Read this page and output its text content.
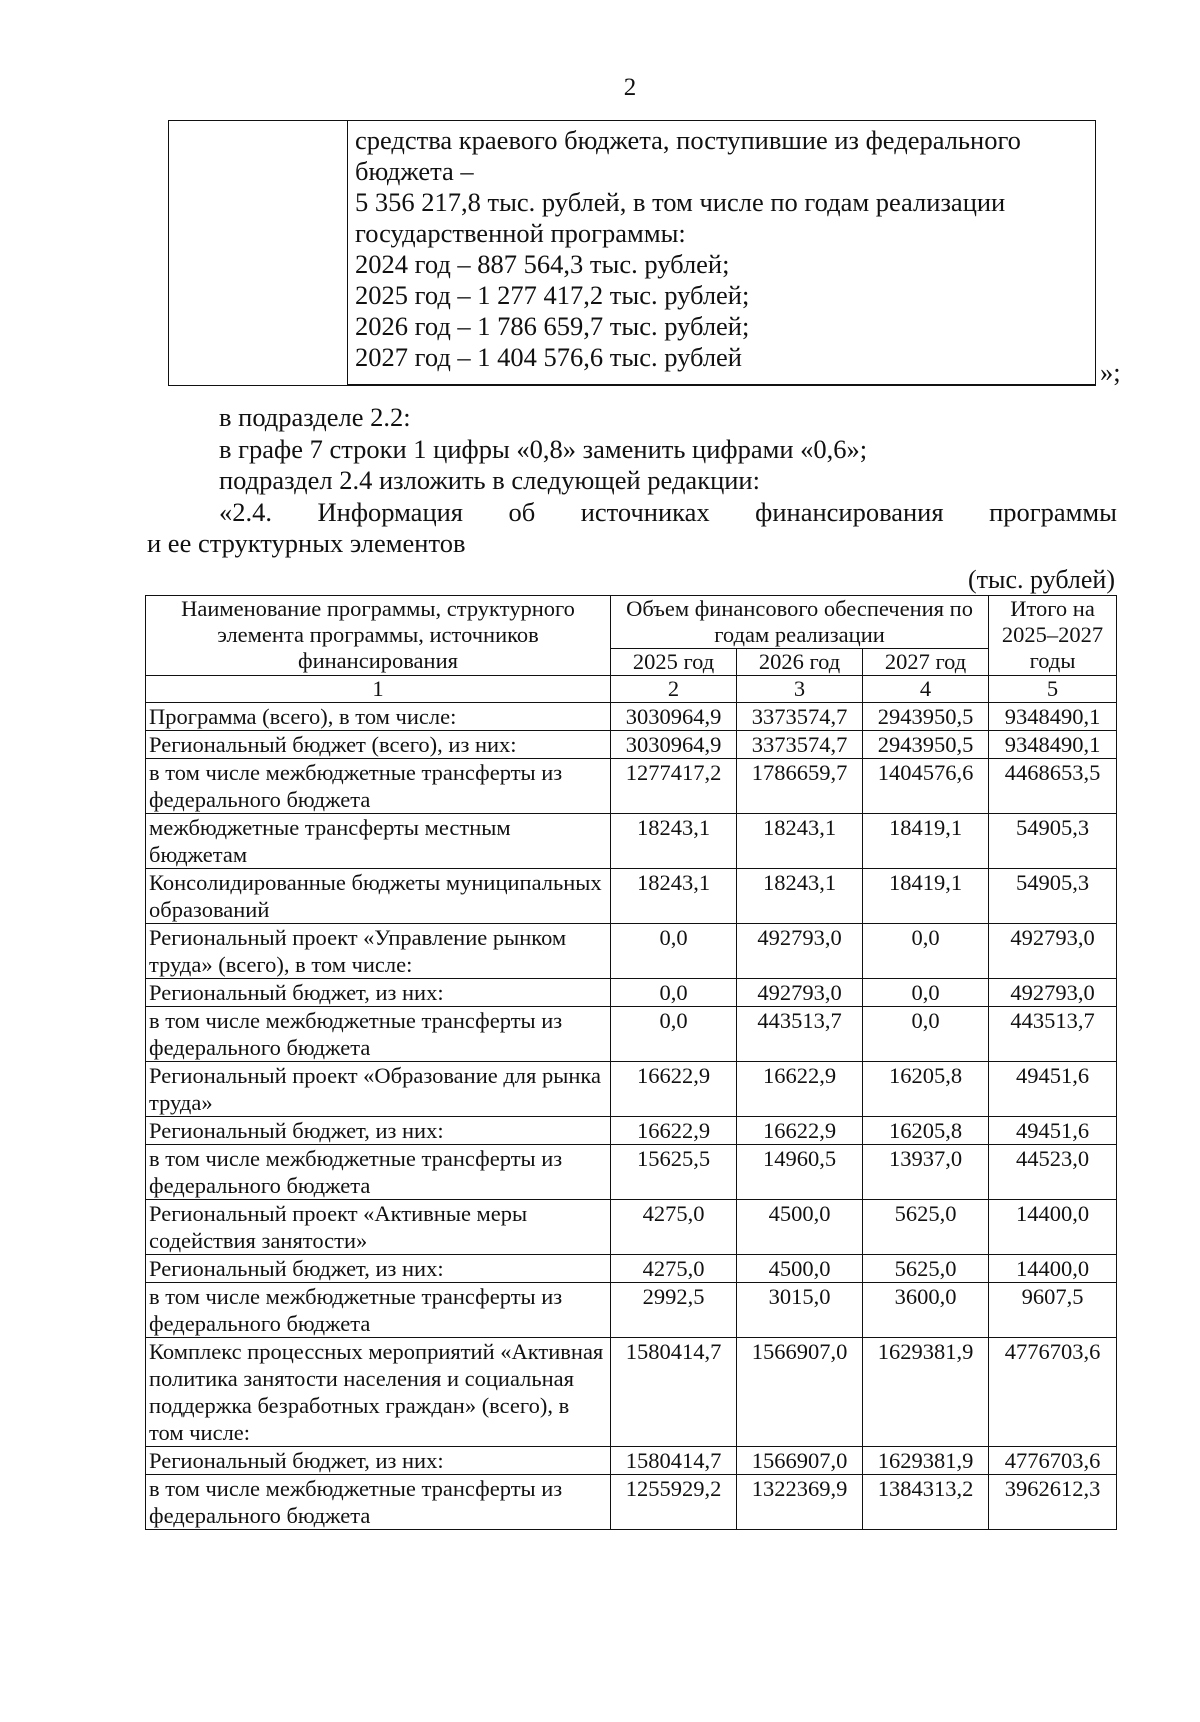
2
средства краевого бюджета, поступившие из федерального
бюджета –
5 356 217,8 тыс. рублей, в том числе по годам реализации
государственной программы:
2024 год – 887 564,3 тыс. рублей;
2025 год – 1 277 417,2 тыс. рублей;
2026 год – 1 786 659,7 тыс. рублей;
2027 год – 1 404 576,6 тыс. рублей	»;
в подразделе 2.2:
в графе 7 строки 1 цифры «0,8» заменить цифрами «0,6»;
подраздел 2.4 изложить в следующей редакции:
«2.4. Информация об источниках финансирования программы
и ее структурных элементов
(тыс. рублей)
Наименование программы, структурного элемента программы, источников финансирования	Объем финансового обеспечения по годам реализации			Итого на 2025–2027 годы
	2025 год	2026 год	2027 год	
1	2	3	4	5
Программа (всего), в том числе:	3030964,9	3373574,7	2943950,5	9348490,1
Региональный бюджет (всего), из них:	3030964,9	3373574,7	2943950,5	9348490,1
в том числе межбюджетные трансферты из федерального бюджета	1277417,2	1786659,7	1404576,6	4468653,5
межбюджетные трансферты местным бюджетам	18243,1	18243,1	18419,1	54905,3
Консолидированные бюджеты муниципальных образований	18243,1	18243,1	18419,1	54905,3
Региональный проект «Управление рынком труда» (всего), в том числе:	0,0	492793,0	0,0	492793,0
Региональный бюджет, из них:	0,0	492793,0	0,0	492793,0
в том числе межбюджетные трансферты из федерального бюджета	0,0	443513,7	0,0	443513,7
Региональный проект «Образование для рынка труда»	16622,9	16622,9	16205,8	49451,6
Региональный бюджет, из них:	16622,9	16622,9	16205,8	49451,6
в том числе межбюджетные трансферты из федерального бюджета	15625,5	14960,5	13937,0	44523,0
Региональный проект «Активные меры содействия занятости»	4275,0	4500,0	5625,0	14400,0
Региональный бюджет, из них:	4275,0	4500,0	5625,0	14400,0
в том числе межбюджетные трансферты из федерального бюджета	2992,5	3015,0	3600,0	9607,5
Комплекс процессных мероприятий «Активная политика занятости населения и социальная поддержка безработных граждан» (всего), в том числе:	1580414,7	1566907,0	1629381,9	4776703,6
Региональный бюджет, из них:	1580414,7	1566907,0	1629381,9	4776703,6
в том числе межбюджетные трансферты из федерального бюджета	1255929,2	1322369,9	1384313,2	3962612,3
